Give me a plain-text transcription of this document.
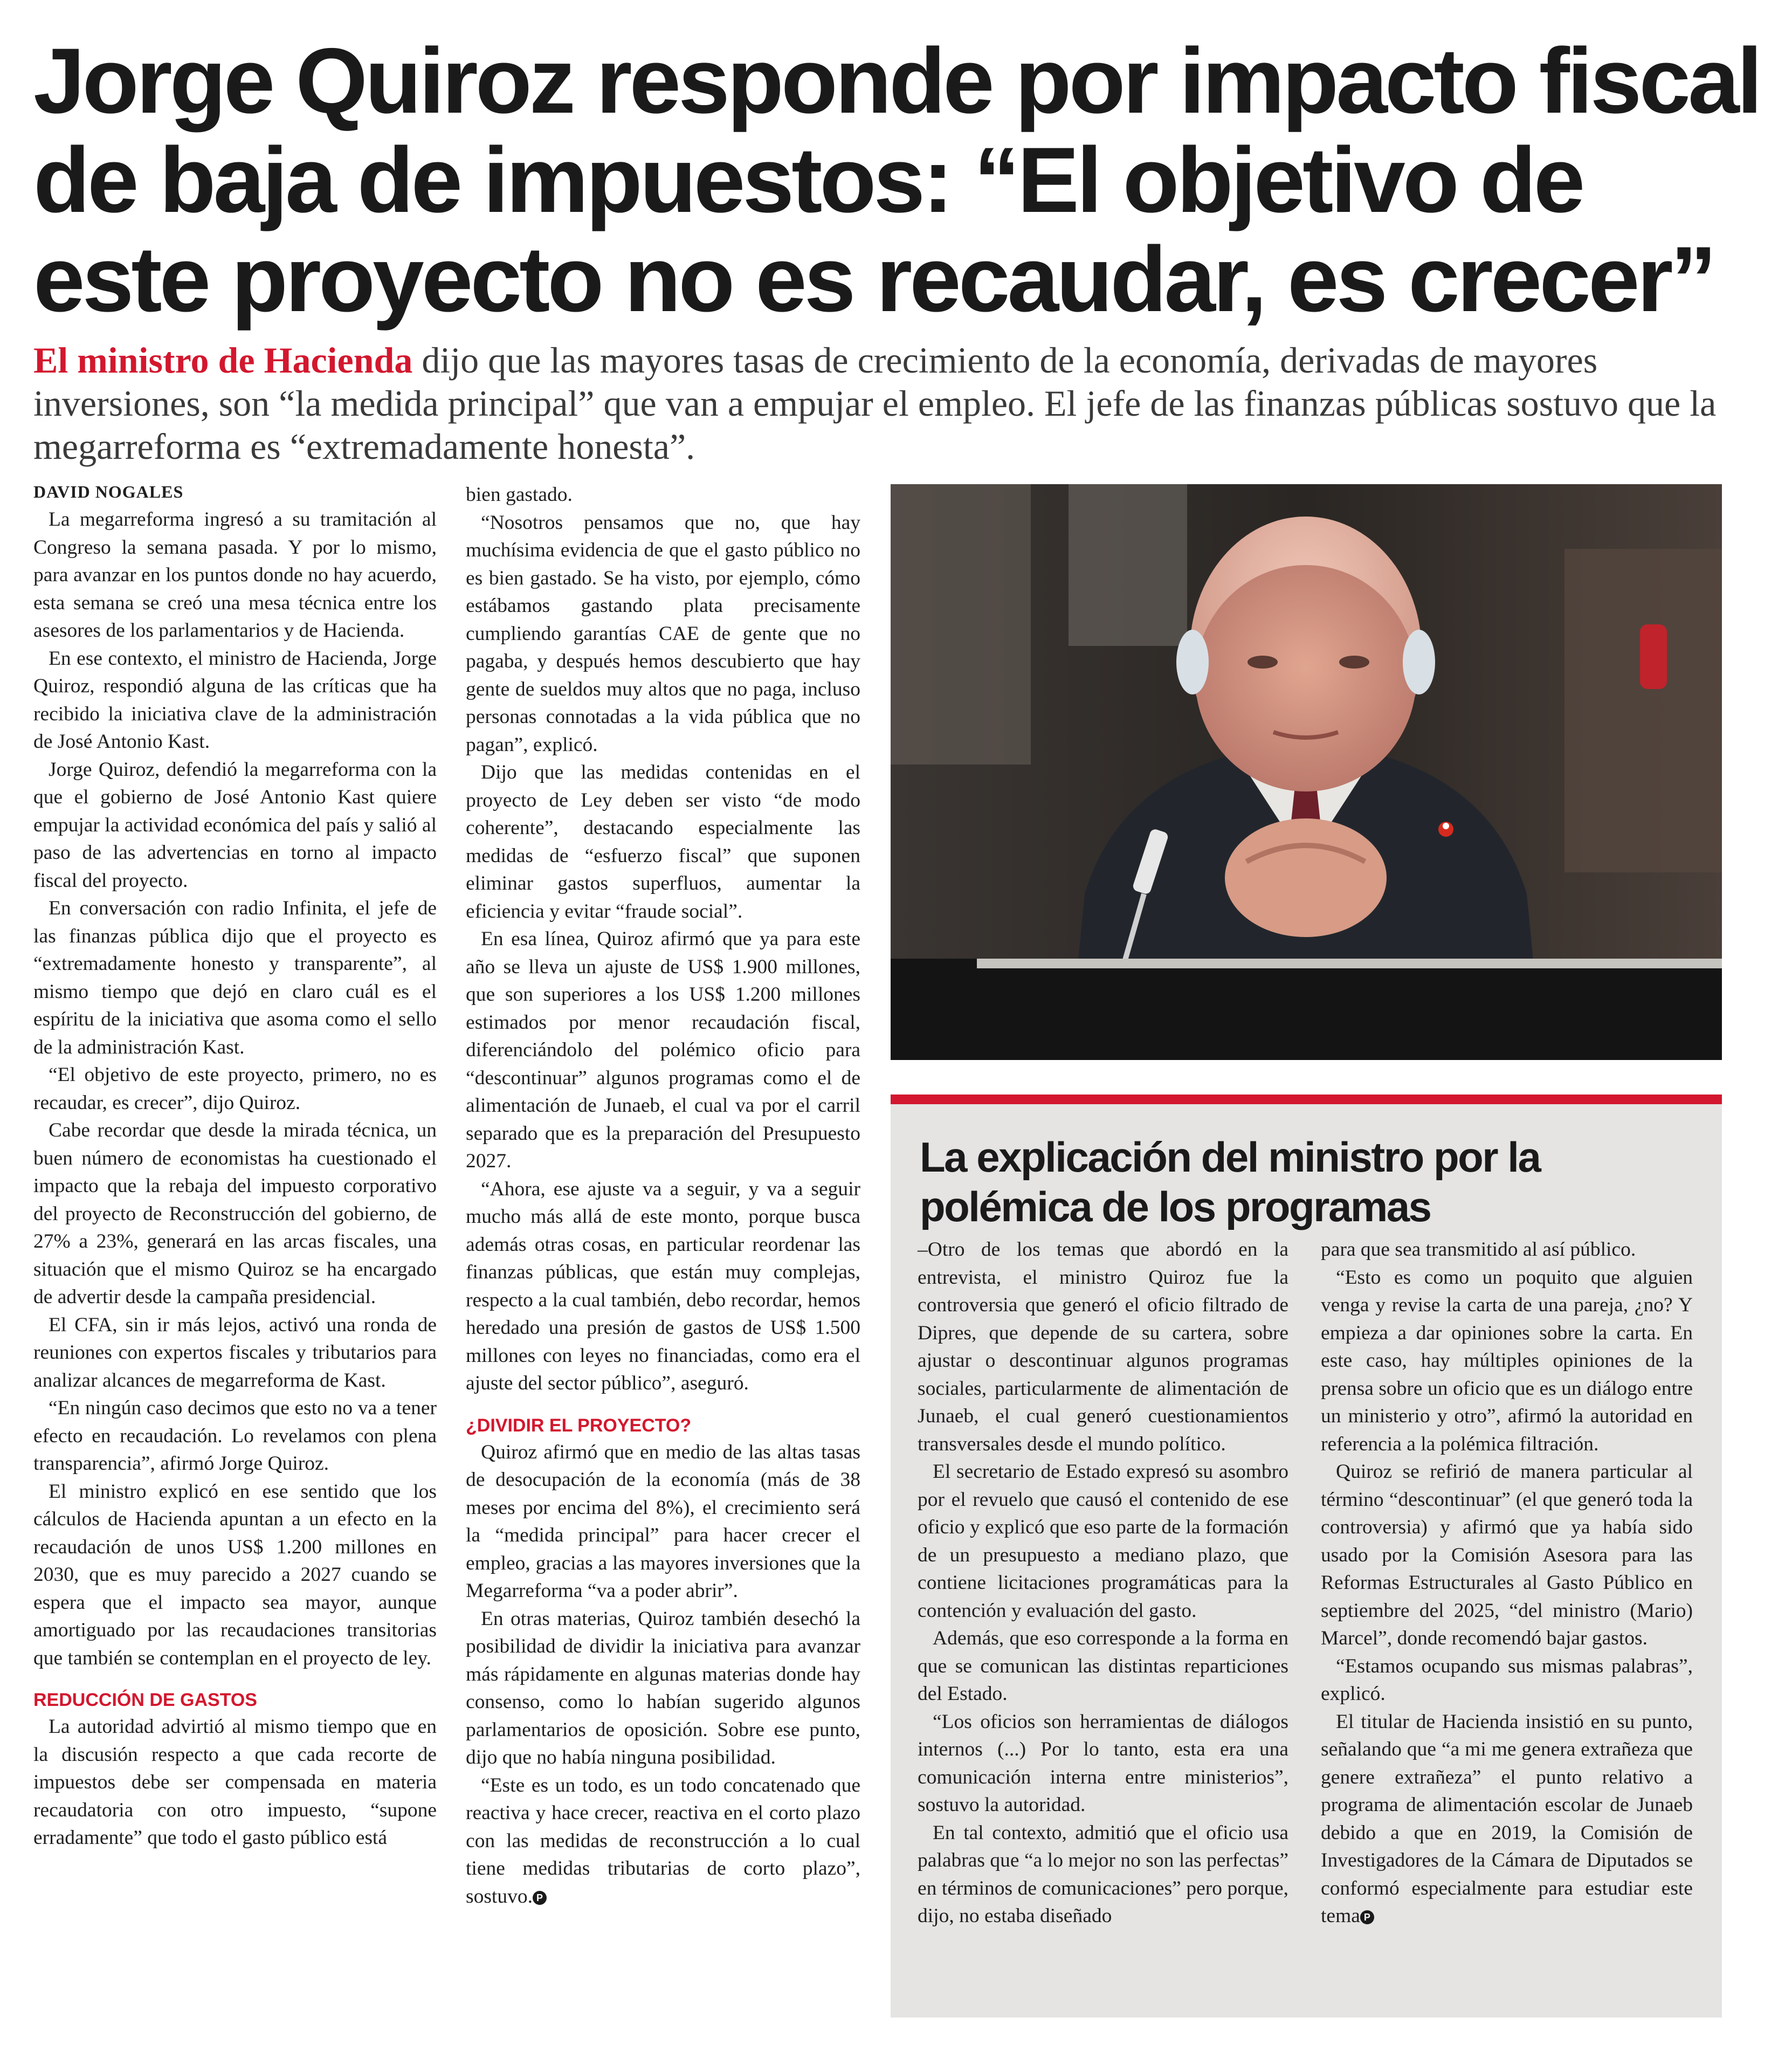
Jorge Quiroz responde por impacto fiscal de baja de impuestos: “El objetivo de este proyecto no es recaudar, es crecer”
El ministro de Hacienda dijo que las mayores tasas de crecimiento de la economía, derivadas de mayores inversiones, son “la medida principal” que van a empujar el empleo. El jefe de las finanzas públicas sostuvo que la megarreforma es “extremadamente honesta”.

DAVID NOGALES

La megarreforma ingresó a su tramitación al Congreso la semana pasada. Y por lo mismo, para avanzar en los puntos donde no hay acuerdo, esta semana se creó una mesa técnica entre los asesores de los parlamentarios y de Hacienda.

En ese contexto, el ministro de Hacienda, Jorge Quiroz, respondió alguna de las críticas que ha recibido la iniciativa clave de la administración de José Antonio Kast.

Jorge Quiroz, defendió la megarreforma con la que el gobierno de José Antonio Kast quiere empujar la actividad económica del país y salió al paso de las advertencias en torno al impacto fiscal del proyecto.

En conversación con radio Infinita, el jefe de las finanzas pública dijo que el proyecto es “extremadamente honesto y transparente”, al mismo tiempo que dejó en claro cuál es el espíritu de la iniciativa que asoma como el sello de la administración Kast.

“El objetivo de este proyecto, primero, no es recaudar, es crecer”, dijo Quiroz.

Cabe recordar que desde la mirada técnica, un buen número de economistas ha cuestionado el impacto que la rebaja del impuesto corporativo del proyecto de Reconstrucción del gobierno, de 27% a 23%, generará en las arcas fiscales, una situación que el mismo Quiroz se ha encargado de advertir desde la campaña presidencial.

El CFA, sin ir más lejos, activó una ronda de reuniones con expertos fiscales y tributarios para analizar alcances de megarreforma de Kast.

“En ningún caso decimos que esto no va a tener efecto en recaudación. Lo revelamos con plena transparencia”, afirmó Jorge Quiroz.

El ministro explicó en ese sentido que los cálculos de Hacienda apuntan a un efecto en la recaudación de unos US$ 1.200 millones en 2030, que es muy parecido a 2027 cuando se espera que el impacto sea mayor, aunque amortiguado por las recaudaciones transitorias que también se contemplan en el proyecto de ley.

REDUCCIÓN DE GASTOS

La autoridad advirtió al mismo tiempo que en la discusión respecto a que cada recorte de impuestos debe ser compensada en materia recaudatoria con otro impuesto, “supone erradamente” que todo el gasto público está

bien gastado.

“Nosotros pensamos que no, que hay muchísima evidencia de que el gasto público no es bien gastado. Se ha visto, por ejemplo, cómo estábamos gastando plata precisamente cumpliendo garantías CAE de gente que no pagaba, y después hemos descubierto que hay gente de sueldos muy altos que no paga, incluso personas connotadas a la vida pública que no pagan”, explicó.

Dijo que las medidas contenidas en el proyecto de Ley deben ser visto “de modo coherente”, destacando especialmente las medidas de “esfuerzo fiscal” que suponen eliminar gastos superfluos, aumentar la eficiencia y evitar “fraude social”.

En esa línea, Quiroz afirmó que ya para este año se lleva un ajuste de US$ 1.900 millones, que son superiores a los US$ 1.200 millones estimados por menor recaudación fiscal, diferenciándolo del polémico oficio para “descontinuar” algunos programas como el de alimentación de Junaeb, el cual va por el carril separado que es la preparación del Presupuesto 2027.

“Ahora, ese ajuste va a seguir, y va a seguir mucho más allá de este monto, porque busca además otras cosas, en particular reordenar las finanzas públicas, que están muy complejas, respecto a la cual también, debo recordar, hemos heredado una presión de gastos de US$ 1.500 millones con leyes no financiadas, como era el ajuste del sector público”, aseguró.

¿DIVIDIR EL PROYECTO?

Quiroz afirmó que en medio de las altas tasas de desocupación de la economía (más de 38 meses por encima del 8%), el crecimiento será la “medida principal” para hacer crecer el empleo, gracias a las mayores inversiones que la Megarreforma “va a poder abrir”.

En otras materias, Quiroz también desechó la posibilidad de dividir la iniciativa para avanzar más rápidamente en algunas materias donde hay consenso, como lo habían sugerido algunos parlamentarios de oposición. Sobre ese punto, dijo que no había ninguna posibilidad.

“Este es un todo, es un todo concatenado que reactiva y hace crecer, reactiva en el corto plazo con las medidas de reconstrucción a lo cual tiene medidas tributarias de corto plazo”, sostuvo. P

La explicación del ministro por la polémica de los programas

–Otro de los temas que abordó en la entrevista, el ministro Quiroz fue la controversia que generó el oficio filtrado de Dipres, que depende de su cartera, sobre ajustar o descontinuar algunos programas sociales, particularmente de alimentación de Junaeb, el cual generó cuestionamientos transversales desde el mundo político.

El secretario de Estado expresó su asombro por el revuelo que causó el contenido de ese oficio y explicó que eso parte de la formación de un presupuesto a mediano plazo, que contiene licitaciones programáticas para la contención y evaluación del gasto.

Además, que eso corresponde a la forma en que se comunican las distintas reparticiones del Estado.

“Los oficios son herramientas de diálogos internos (...) Por lo tanto, esta era una comunicación interna entre ministerios”, sostuvo la autoridad.

En tal contexto, admitió que el oficio usa palabras que “a lo mejor no son las perfectas” en términos de comunicaciones” pero porque, dijo, no estaba diseñado

para que sea transmitido al así público.

“Esto es como un poquito que alguien venga y revise la carta de una pareja, ¿no? Y empieza a dar opiniones sobre la carta. En este caso, hay múltiples opiniones de la prensa sobre un oficio que es un diálogo entre un ministerio y otro”, afirmó la autoridad en referencia a la polémica filtración.

Quiroz se refirió de manera particular al término “descontinuar” (el que generó toda la controversia) y afirmó que ya había sido usado por la Comisión Asesora para las Reformas Estructurales al Gasto Público en septiembre del 2025, “del ministro (Mario) Marcel”, donde recomendó bajar gastos.

“Estamos ocupando sus mismas palabras”, explicó.

El titular de Hacienda insistió en su punto, señalando que “a mi me genera extrañeza que genere extrañeza” el punto relativo a programa de alimentación escolar de Junaeb debido a que en 2019, la Comisión de Investigadores de la Cámara de Diputados se conformó especialmente para estudiar este tema P
